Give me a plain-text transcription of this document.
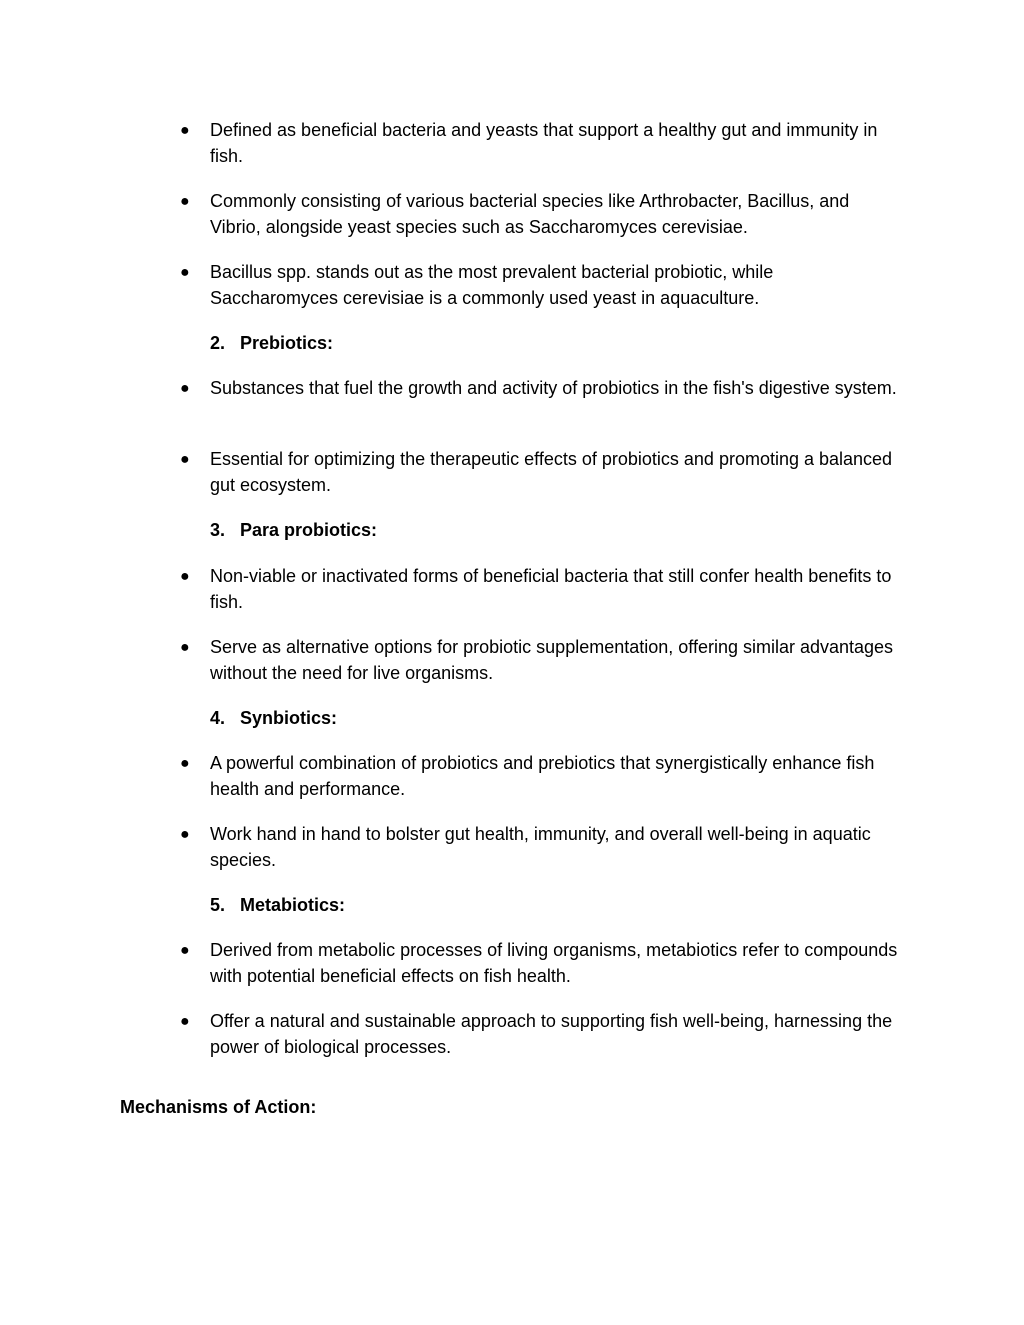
●	Defined as beneficial bacteria and yeasts that support a healthy gut and immunity in fish.
●	Commonly consisting of various bacterial species like Arthrobacter, Bacillus, and Vibrio, alongside yeast species such as Saccharomyces cerevisiae.
●	Bacillus spp. stands out as the most prevalent bacterial probiotic, while Saccharomyces cerevisiae is a commonly used yeast in aquaculture.
2. Prebiotics:
●	Substances that fuel the growth and activity of probiotics in the fish's digestive system.
●	Essential for optimizing the therapeutic effects of probiotics and promoting a balanced gut ecosystem.
3. Para probiotics:
●	Non-viable or inactivated forms of beneficial bacteria that still confer health benefits to fish.
●	Serve as alternative options for probiotic supplementation, offering similar advantages without the need for live organisms.
4. Synbiotics:
●	A powerful combination of probiotics and prebiotics that synergistically enhance fish health and performance.
●	Work hand in hand to bolster gut health, immunity, and overall well-being in aquatic species.
5. Metabiotics:
●	Derived from metabolic processes of living organisms, metabiotics refer to compounds with potential beneficial effects on fish health.
●	Offer a natural and sustainable approach to supporting fish well-being, harnessing the power of biological processes.
Mechanisms of Action:
